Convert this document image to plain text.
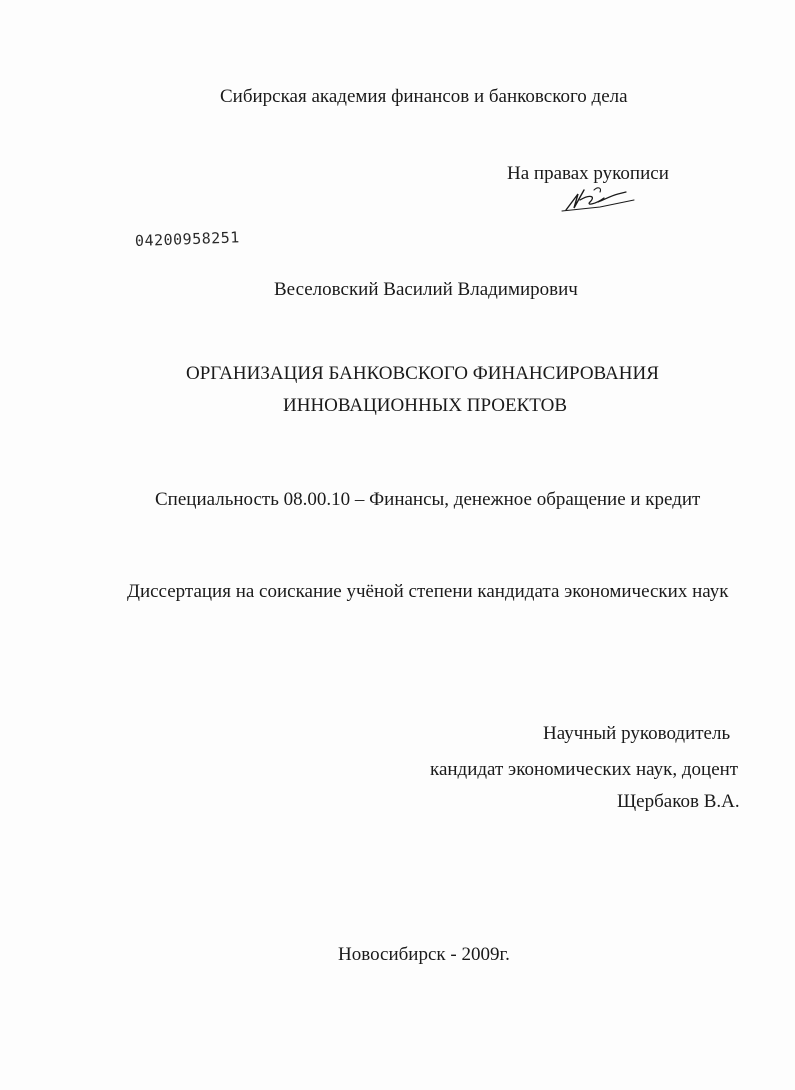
Сибирская академия финансов и банковского дела
На правах рукописи
04200958251
Веселовский Василий Владимирович
ОРГАНИЗАЦИЯ БАНКОВСКОГО ФИНАНСИРОВАНИЯ
ИННОВАЦИОННЫХ ПРОЕКТОВ
Специальность 08.00.10 – Финансы, денежное обращение и кредит
Диссертация на соискание учёной степени кандидата экономических наук
Научный руководитель
кандидат экономических наук, доцент
Щербаков В.А.
Новосибирск - 2009г.
